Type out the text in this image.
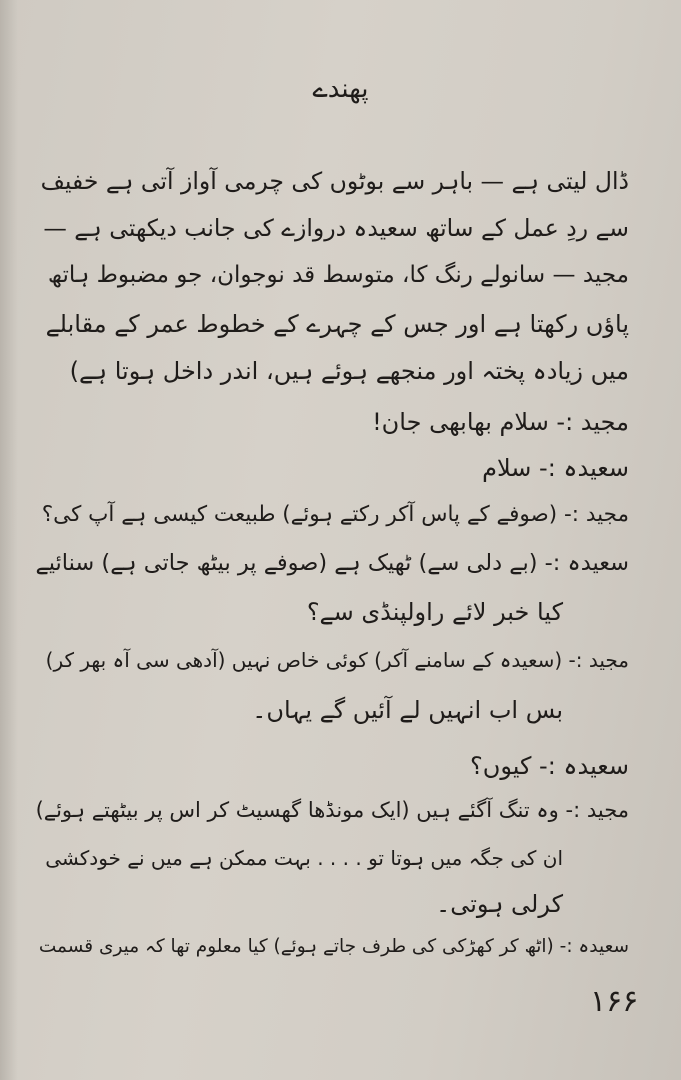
پھندے
ڈال لیتی ہے — باہر سے بوٹوں کی چرمی آواز آتی ہے خفیف
سے ردِ عمل کے ساتھ سعیدہ دروازے کی جانب دیکھتی ہے —
مجید — سانولے رنگ کا، متوسط قد نوجوان، جو مضبوط ہاتھ
پاؤں رکھتا ہے اور جس کے چہرے کے خطوط عمر کے مقابلے
میں زیادہ پختہ اور منجھے ہوئے ہیں، اندر داخل ہوتا ہے)
مجید :- سلام بھابھی جان!
سعیدہ :- سلام
مجید :- (صوفے کے پاس آکر رکتے ہوئے) طبیعت کیسی ہے آپ کی؟
سعیدہ :- (بے دلی سے) ٹھیک ہے (صوفے پر بیٹھ جاتی ہے) سنائیے
کیا خبر لائے راولپنڈی سے؟
مجید :- (سعیدہ کے سامنے آکر) کوئی خاص نہیں (آدھی سی آہ بھر کر)
بس اب انہیں لے آئیں گے یہاں۔
سعیدہ :- کیوں؟
مجید :- وہ تنگ آگئے ہیں (ایک مونڈھا گھسیٹ کر اس پر بیٹھتے ہوئے)
ان کی جگہ میں ہوتا تو . . . . بہت ممکن ہے میں نے خودکشی
کرلی ہوتی۔
سعیدہ :- (اٹھ کر کھڑکی کی طرف جاتے ہوئے) کیا معلوم تھا کہ میری قسمت
۱۶۶
